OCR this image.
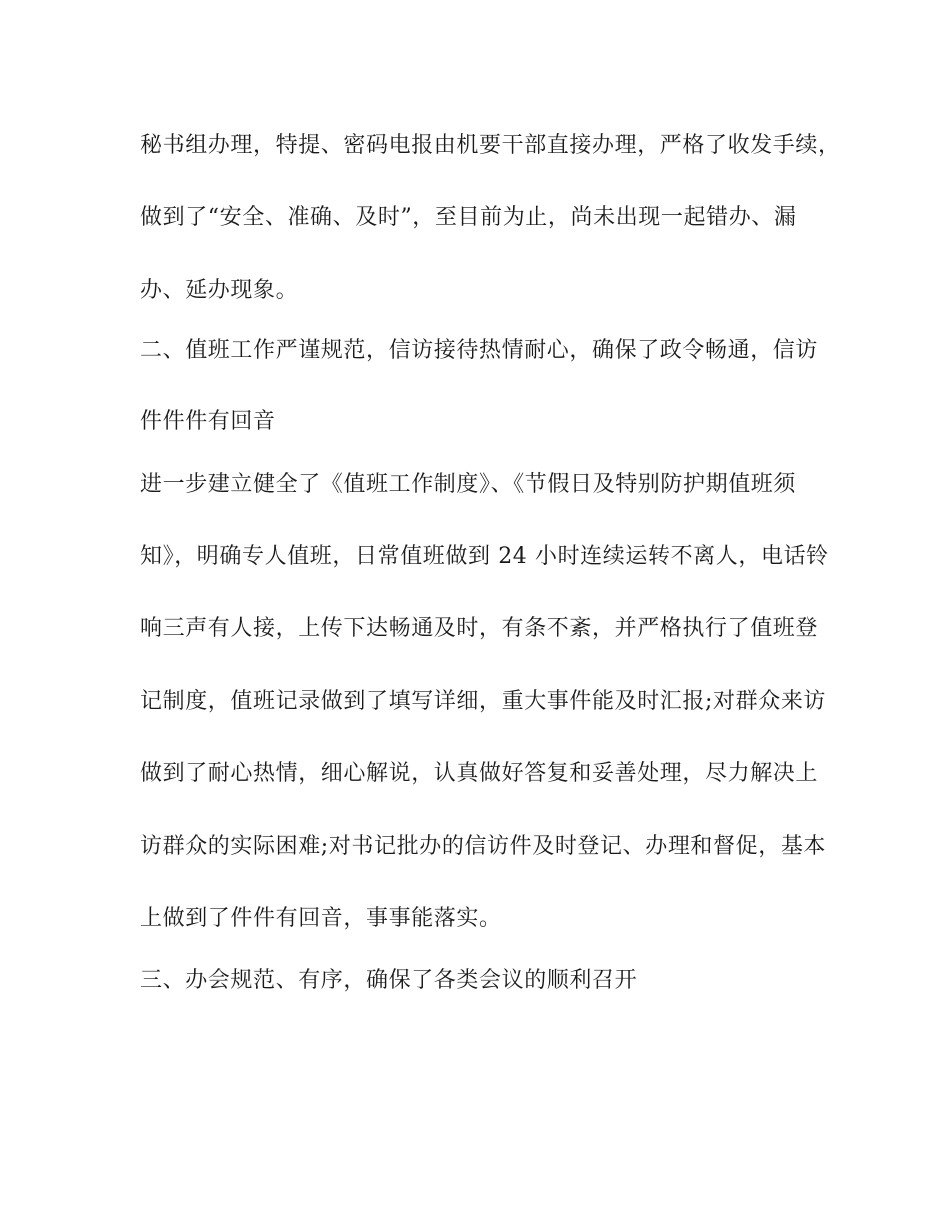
秘书组办理，特提、密码电报由机要干部直接办理，严格了收发手续，

做到了“安全、准确、及时”，至目前为止，尚未出现一起错办、漏

办、延办现象。

二、值班工作严谨规范，信访接待热情耐心，确保了政令畅通，信访

件件件有回音

进一步建立健全了《值班工作制度》、《节假日及特别防护期值班须

知》，明确专人值班，日常值班做到 24 小时连续运转不离人，电话铃

响三声有人接，上传下达畅通及时，有条不紊，并严格执行了值班登

记制度，值班记录做到了填写详细，重大事件能及时汇报;对群众来访

做到了耐心热情，细心解说，认真做好答复和妥善处理，尽力解决上

访群众的实际困难;对书记批办的信访件及时登记、办理和督促，基本

上做到了件件有回音，事事能落实。

三、办会规范、有序，确保了各类会议的顺利召开
